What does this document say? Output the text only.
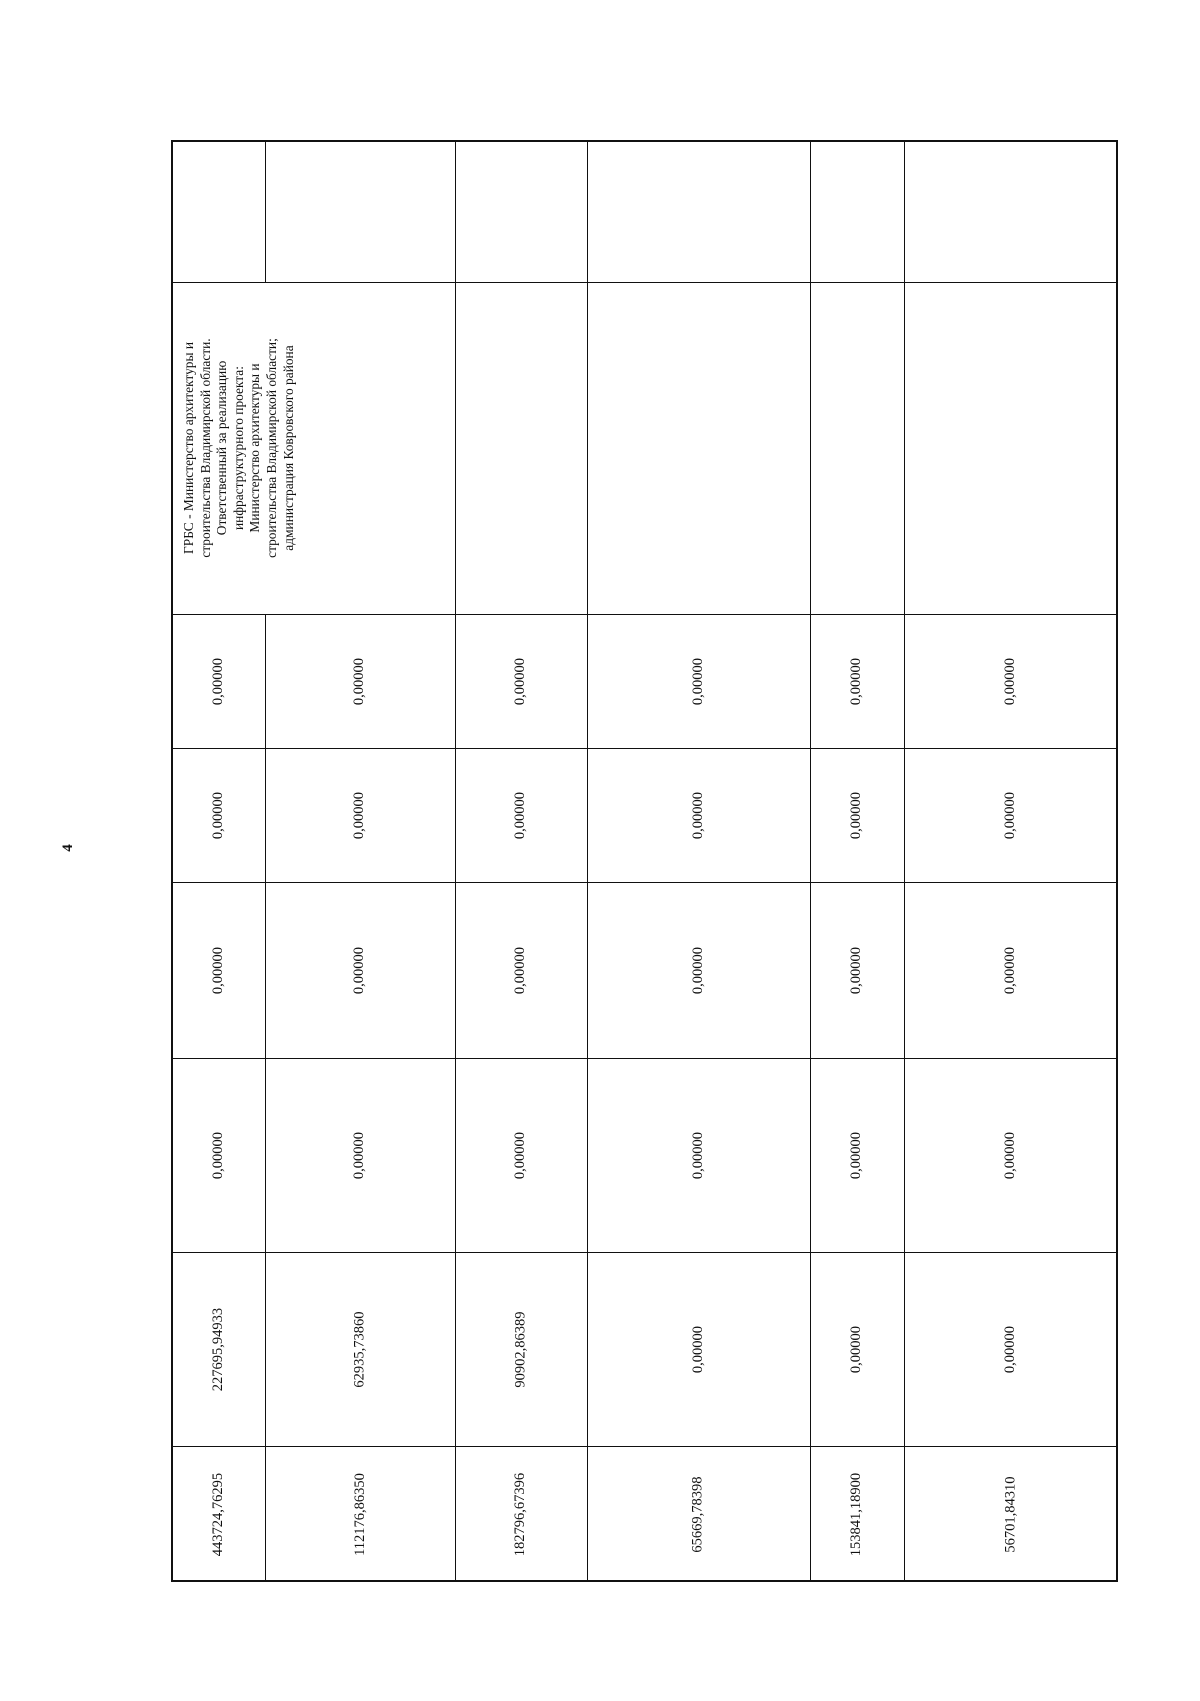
4
ГРБС - Министерство архитектуры и строительства Владимирской области. Ответственный за реализацию инфраструктурного проекта: Министерство архитектуры и строительства Владимирской области; администрация Ковровского района
443724,76295
227695,94933
0,00000
0,00000
0,00000
0,00000
112176,86350
62935,73860
0,00000
0,00000
0,00000
0,00000
182796,67396
90902,86389
0,00000
0,00000
0,00000
0,00000
65669,78398
0,00000
0,00000
0,00000
0,00000
0,00000
153841,18900
0,00000
0,00000
0,00000
0,00000
0,00000
56701,84310
0,00000
0,00000
0,00000
0,00000
0,00000
